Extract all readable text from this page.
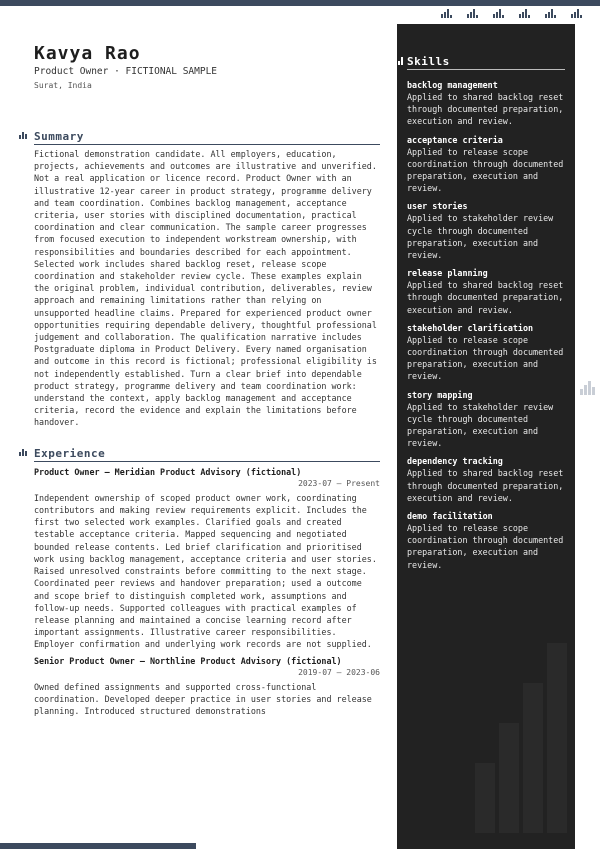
Kavya Rao
Product Owner · FICTIONAL SAMPLE
Surat, India
Summary

Fictional demonstration candidate. All employers, education, projects, achievements and outcomes are illustrative and unverified. Not a real application or licence record. Product Owner with an illustrative 12-year career in product strategy, programme delivery and team coordination. Combines backlog management, acceptance criteria, user stories with disciplined documentation, practical coordination and clear communication. The sample career progresses from focused execution to independent workstream ownership, with responsibilities and boundaries described for each appointment. Selected work includes shared backlog reset, release scope coordination and stakeholder review cycle. These examples explain the original problem, individual contribution, deliverables, review approach and remaining limitations rather than relying on unsupported headline claims. Prepared for experienced product owner opportunities requiring dependable delivery, thoughtful professional judgement and collaboration. The qualification narrative includes Postgraduate diploma in Product Delivery. Every named organisation and outcome in this record is fictional; professional eligibility is not independently established. Turn a clear brief into dependable product strategy, programme delivery and team coordination work: understand the context, apply backlog management and acceptance criteria, record the evidence and explain the limitations before handover.

Experience
Product Owner — Meridian Product Advisory (fictional)
2023-07 – Present

Independent ownership of scoped product owner work, coordinating contributors and making review requirements explicit. Includes the first two selected work examples. Clarified goals and created testable acceptance criteria. Mapped sequencing and negotiated bounded release contents. Led brief clarification and prioritised work using backlog management, acceptance criteria and user stories. Raised unresolved constraints before committing to the next stage. Coordinated peer reviews and handover preparation; used a outcome and scope brief to distinguish completed work, assumptions and follow-up needs. Supported colleagues with practical examples of release planning and maintained a concise learning record after important assignments. Illustrative career responsibilities. Employer confirmation and underlying work records are not supplied.

Senior Product Owner — Northline Product Advisory (fictional)
2019-07 – 2023-06

Owned defined assignments and supported cross-functional coordination. Developed deeper practice in user stories and release planning. Introduced structured demonstrations

Skills
backlog management
Applied to shared backlog reset through documented preparation, execution and review.
acceptance criteria
Applied to release scope coordination through documented preparation, execution and review.
user stories
Applied to stakeholder review cycle through documented preparation, execution and review.
release planning
Applied to shared backlog reset through documented preparation, execution and review.
stakeholder clarification
Applied to release scope coordination through documented preparation, execution and review.
story mapping
Applied to stakeholder review cycle through documented preparation, execution and review.
dependency tracking
Applied to shared backlog reset through documented preparation, execution and review.
demo facilitation
Applied to release scope coordination through documented preparation, execution and review.
